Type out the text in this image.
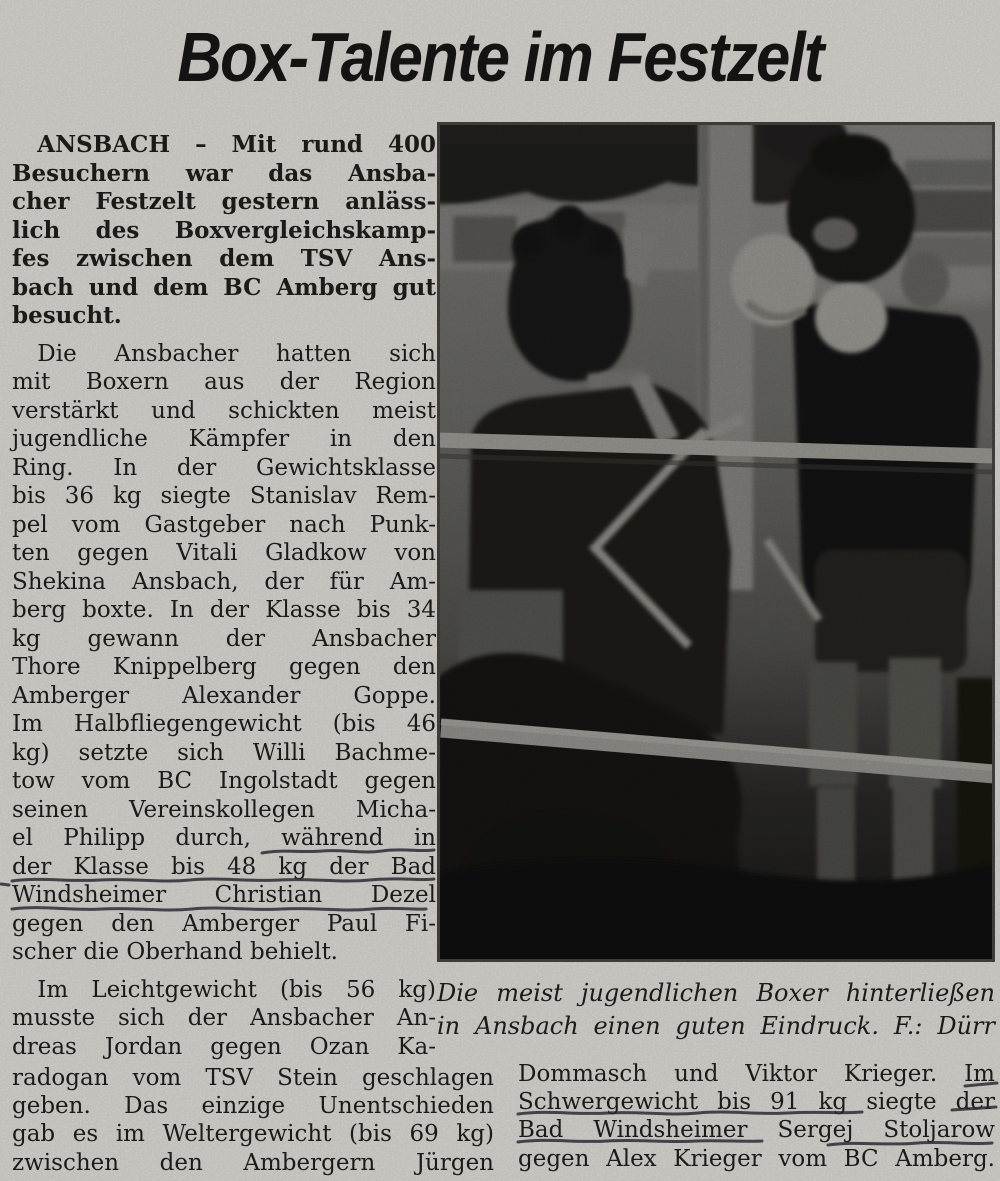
Box-Talente im Festzelt
ANSBACH – Mit rund 400
Besuchern war das Ansba-
cher Festzelt gestern anläss-
lich des Boxvergleichskamp-
fes zwischen dem TSV Ans-
bach und dem BC Amberg gut
besucht.
Die Ansbacher hatten sich
mit Boxern aus der Region
verstärkt und schickten meist
jugendliche Kämpfer in den
Ring. In der Gewichtsklasse
bis 36 kg siegte Stanislav Rem-
pel vom Gastgeber nach Punk-
ten gegen Vitali Gladkow von
Shekina Ansbach, der für Am-
berg boxte. In der Klasse bis 34
kg gewann der Ansbacher
Thore Knippelberg gegen den
Amberger Alexander Goppe.
Im Halbfliegengewicht (bis 46
kg) setzte sich Willi Bachme-
tow vom BC Ingolstadt gegen
seinen Vereinskollegen Micha-
el Philipp durch, während in
der Klasse bis 48 kg der Bad
Windsheimer Christian Dezel
gegen den Amberger Paul Fi-
scher die Oberhand behielt.
Im Leichtgewicht (bis 56 kg)
musste sich der Ansbacher An-
dreas Jordan gegen Ozan Ka-
Die meist jugendlichen Boxer hinterließen
in Ansbach einen guten Eindruck. F.: Dürr
radogan vom TSV Stein geschlagen
geben. Das einzige Unentschieden
gab es im Weltergewicht (bis 69 kg)
zwischen den Ambergern Jürgen
Dommasch und Viktor Krieger. Im
Schwergewicht bis 91 kg siegte der
Bad Windsheimer Sergej Stoljarow
gegen Alex Krieger vom BC Amberg.
